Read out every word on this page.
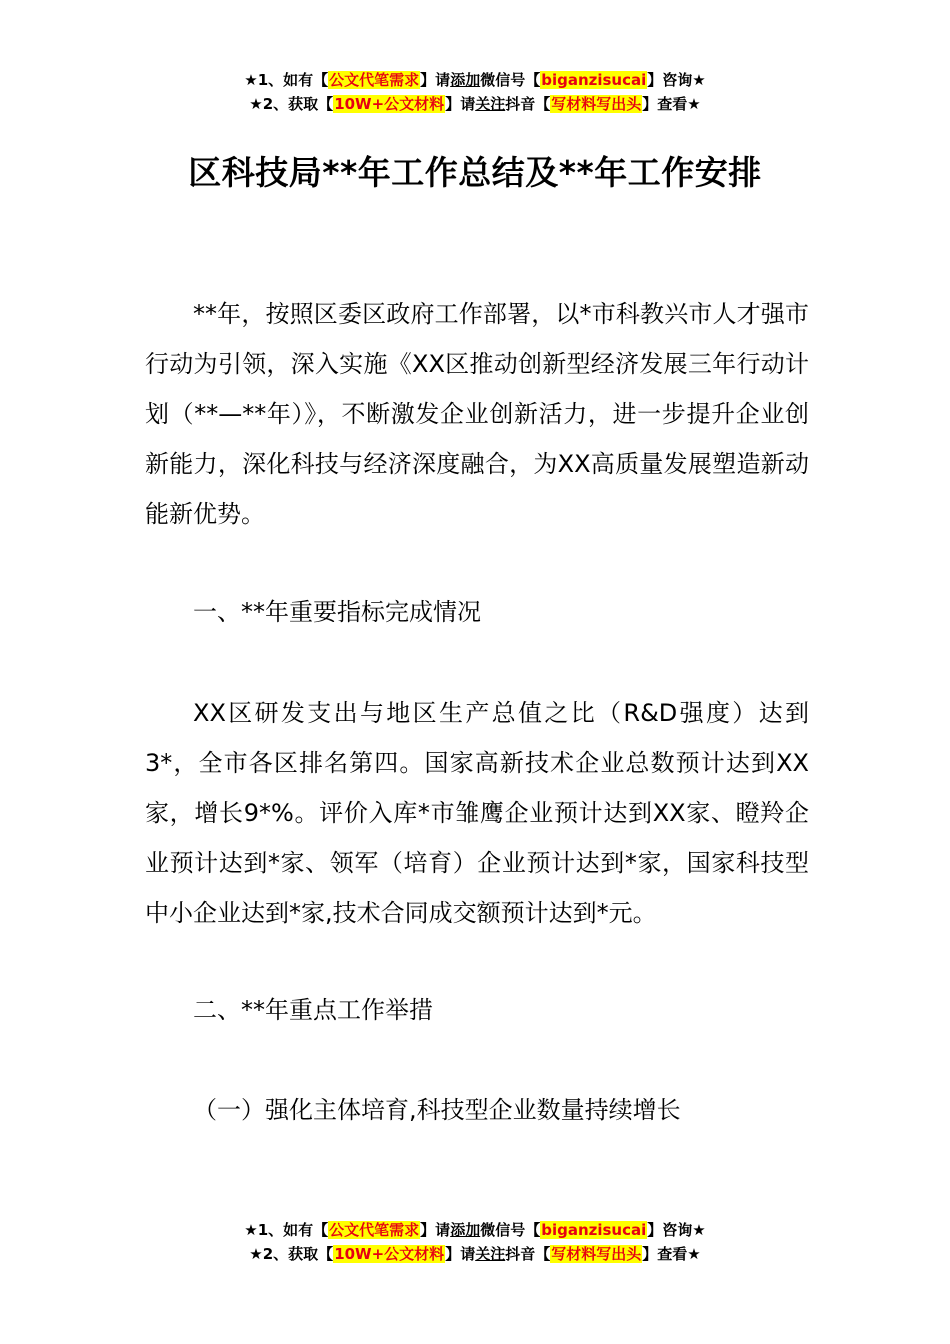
★1、如有【公文代笔需求】请添加微信号【biganzisucai】咨询★
★2、获取【10W+公文材料】请关注抖音【写材料写出头】查看★
区科技局**年工作总结及**年工作安排
**年，按照区委区政府工作部署，以*市科教兴市人才强市行动为引领，深入实施《XX区推动创新型经济发展三年行动计划（**—**年）》，不断激发企业创新活力，进一步提升企业创新能力，深化科技与经济深度融合，为XX高质量发展塑造新动能新优势。
一、**年重要指标完成情况
XX区研发支出与地区生产总值之比（R&D强度）达到3*，全市各区排名第四。国家高新技术企业总数预计达到XX家，增长9*%。评价入库*市雏鹰企业预计达到XX家、瞪羚企业预计达到*家、领军（培育）企业预计达到*家，国家科技型中小企业达到*家,技术合同成交额预计达到*元。
二、**年重点工作举措
（一）强化主体培育,科技型企业数量持续增长
★1、如有【公文代笔需求】请添加微信号【biganzisucai】咨询★
★2、获取【10W+公文材料】请关注抖音【写材料写出头】查看★
